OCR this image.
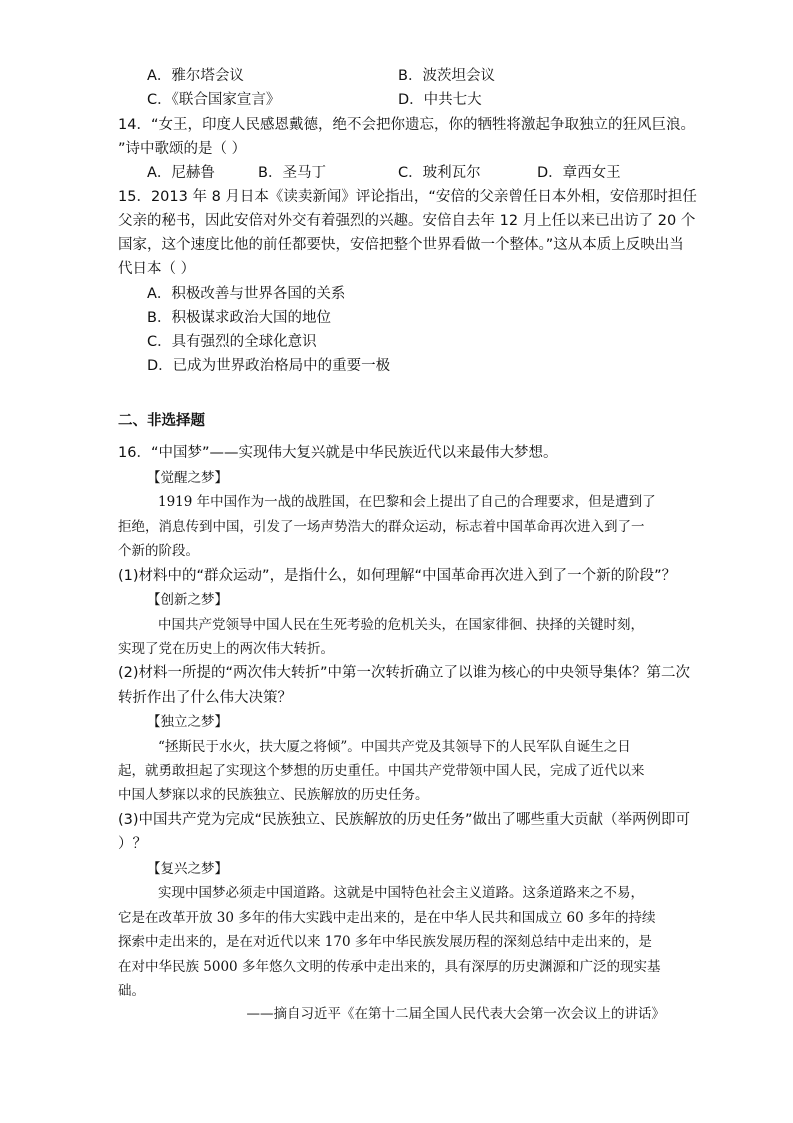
A．雅尔塔会议	B．波茨坦会议
C．《联合国家宣言》	D．中共七大
14．“女王，印度人民感恩戴德，绝不会把你遗忘，你的牺牲将激起争取独立的狂风巨浪。
”诗中歌颂的是（ ）
A．尼赫鲁	B．圣马丁	C．玻利瓦尔	D．章西女王
15．2013 年 8 月日本《读卖新闻》评论指出，“安倍的父亲曾任日本外相，安倍那时担任
父亲的秘书，因此安倍对外交有着强烈的兴趣。安倍自去年 12 月上任以来已出访了 20 个
国家，这个速度比他的前任都要快，安倍把整个世界看做一个整体。”这从本质上反映出当
代日本（ ）
A．积极改善与世界各国的关系
B．积极谋求政治大国的地位
C．具有强烈的全球化意识
D．已成为世界政治格局中的重要一极
二、非选择题
16．“中国梦”——实现伟大复兴就是中华民族近代以来最伟大梦想。
【觉醒之梦】
1919 年中国作为一战的战胜国，在巴黎和会上提出了自己的合理要求，但是遭到了
拒绝，消息传到中国，引发了一场声势浩大的群众运动，标志着中国革命再次进入到了一
个新的阶段。
(1)材料中的“群众运动”，是指什么，如何理解“中国革命再次进入到了一个新的阶段”？
【创新之梦】
中国共产党领导中国人民在生死考验的危机关头，在国家徘徊、抉择的关键时刻，
实现了党在历史上的两次伟大转折。
(2)材料一所提的“两次伟大转折”中第一次转折确立了以谁为核心的中央领导集体？第二次
转折作出了什么伟大决策？
【独立之梦】
“拯斯民于水火，扶大厦之将倾”。中国共产党及其领导下的人民军队自诞生之日
起，就勇敢担起了实现这个梦想的历史重任。中国共产党带领中国人民，完成了近代以来
中国人梦寐以求的民族独立、民族解放的历史任务。
(3)中国共产党为完成“民族独立、民族解放的历史任务”做出了哪些重大贡献（举两例即可
）？
【复兴之梦】
实现中国梦必须走中国道路。这就是中国特色社会主义道路。这条道路来之不易，
它是在改革开放 30 多年的伟大实践中走出来的，是在中华人民共和国成立 60 多年的持续
探索中走出来的，是在对近代以来 170 多年中华民族发展历程的深刻总结中走出来的，是
在对中华民族 5000 多年悠久文明的传承中走出来的，具有深厚的历史渊源和广泛的现实基
础。
——摘自习近平《在第十二届全国人民代表大会第一次会议上的讲话》
